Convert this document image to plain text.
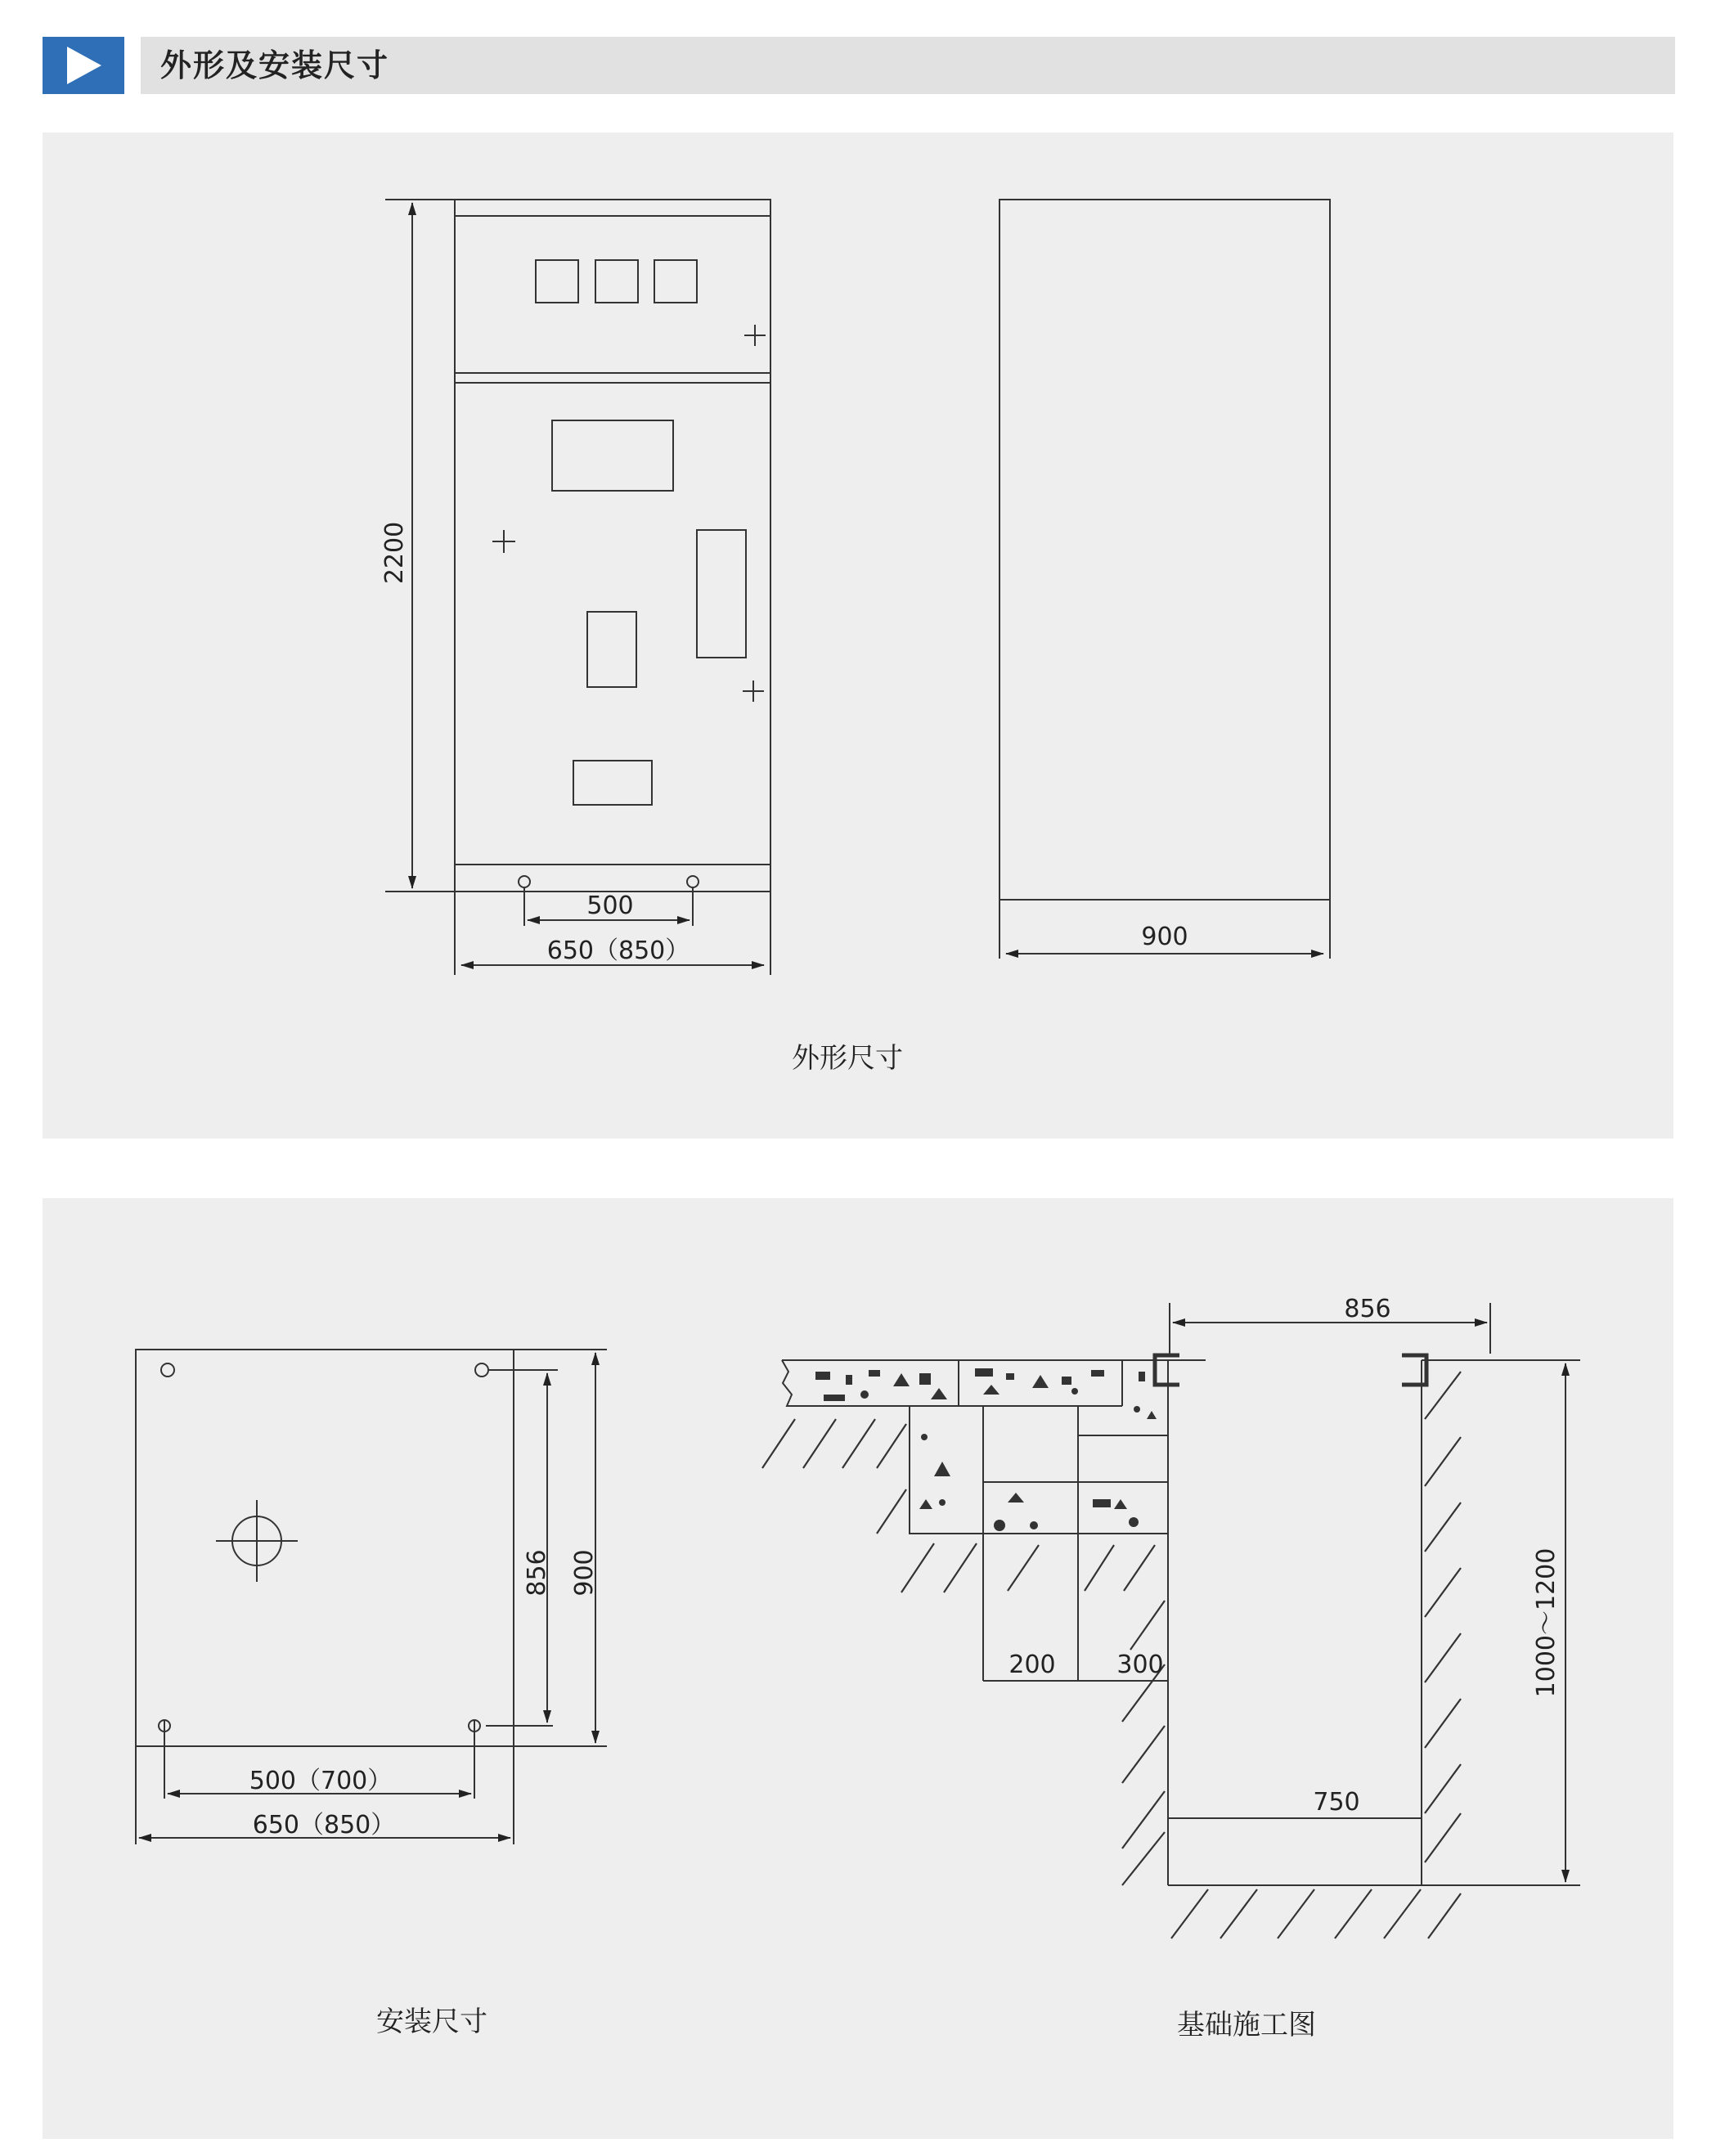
外形及安装尺寸
2200
500
650（850）	900
外形尺寸
856 900
500（700）
650（850）
安装尺寸
856
1000～1200
200 300
750
基础施工图
